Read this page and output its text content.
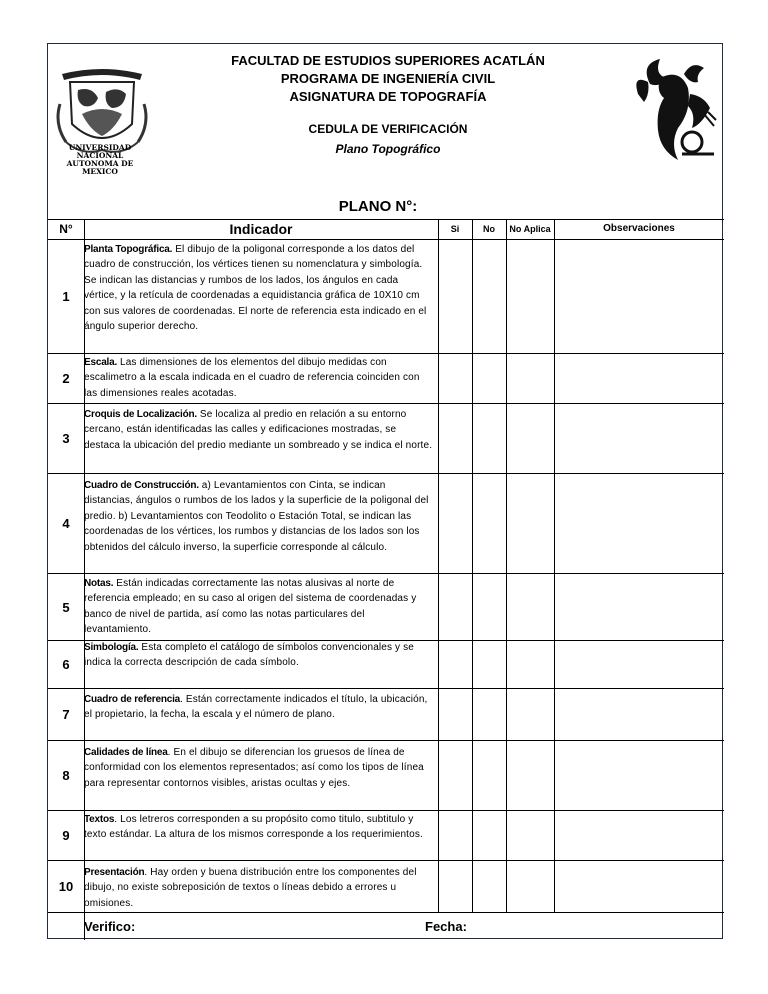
UNIVERSIDAD NACIONAL
AUTONOMA DE
MEXICO
FACULTAD DE ESTUDIOS SUPERIORES ACATLÁN
PROGRAMA DE INGENIERÍA CIVIL
ASIGNATURA DE TOPOGRAFÍA
CEDULA DE VERIFICACIÓN
Plano Topográfico
PLANO N°:
N°	Indicador	Si	No	No Aplica	Observaciones
1
Planta Topográfica. El dibujo de la poligonal corresponde a los datos del cuadro de construcción, los vértices tienen su nomenclatura y simbología. Se indican las distancias y rumbos de los lados, los ángulos en cada vértice, y la retícula de coordenadas a equidistancia gráfica de 10X10 cm con sus valores de coordenadas. El norte de referencia esta indicado en el ángulo superior derecho.
2
Escala. Las dimensiones de los elementos del dibujo medidas con escalimetro a la escala indicada en el cuadro de referencia coinciden con las dimensiones reales acotadas.
3
Croquis de Localización. Se localiza al predio en relación a su entorno cercano, están identificadas las calles y edificaciones mostradas, se destaca la ubicación del predio mediante un sombreado y se indica el norte.
4
Cuadro de Construcción. a) Levantamientos con Cinta, se indican distancias, ángulos o rumbos de los lados y la superficie de la poligonal del predio. b) Levantamientos con Teodolito o Estación Total, se indican las coordenadas de los vértices, los rumbos y distancias de los lados son los obtenidos del cálculo inverso, la superficie corresponde al cálculo.
5
Notas. Están indicadas correctamente las notas alusivas al norte de referencia empleado; en su caso al origen del sistema de coordenadas y banco de nivel de partida, así como las notas particulares del levantamiento.
6
Simbología. Esta completo el catálogo de símbolos convencionales y se indica la correcta descripción de cada símbolo.
7
Cuadro de referencia. Están correctamente indicados el título, la ubicación, el propietario, la fecha, la escala y el número de plano.
8
Calidades de línea. En el dibujo se diferencian los gruesos de línea de conformidad con los elementos representados; así como los tipos de línea para representar contornos visibles, aristas ocultas y ejes.
9
Textos. Los letreros corresponden a su propósito como titulo, subtitulo y texto estándar. La altura de los mismos corresponde a los requerimientos.
10
Presentación. Hay orden y buena distribución entre los componentes del dibujo, no existe sobreposición de textos o líneas debido a errores u omisiones.
Verifico:	Fecha:
